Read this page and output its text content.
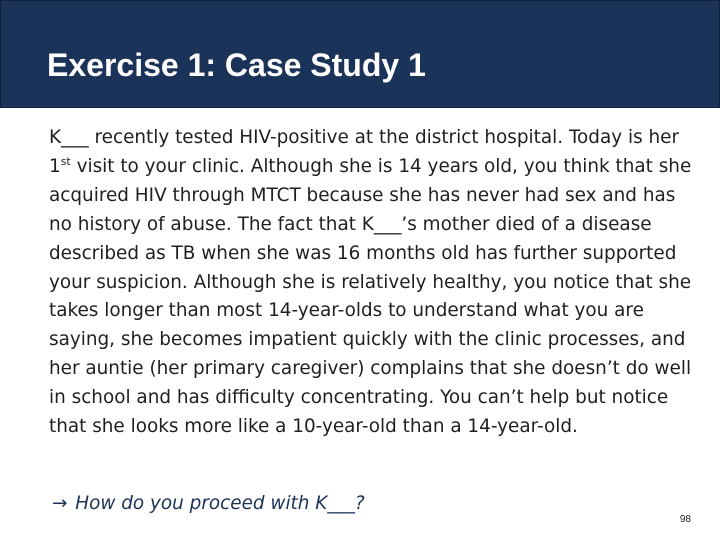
Exercise 1: Case Study 1

K___ recently tested HIV-positive at the district hospital. Today is her 1st visit to your clinic. Although she is 14 years old, you think that she acquired HIV through MTCT because she has never had sex and has no history of abuse. The fact that K___’s mother died of a disease described as TB when she was 16 months old has further supported your suspicion. Although she is relatively healthy, you notice that she takes longer than most 14-year-olds to understand what you are saying, she becomes impatient quickly with the clinic processes, and her auntie (her primary caregiver) complains that she doesn’t do well in school and has difficulty concentrating. You can’t help but notice that she looks more like a 10-year-old than a 14-year-old.

→ How do you proceed with K___?

98
